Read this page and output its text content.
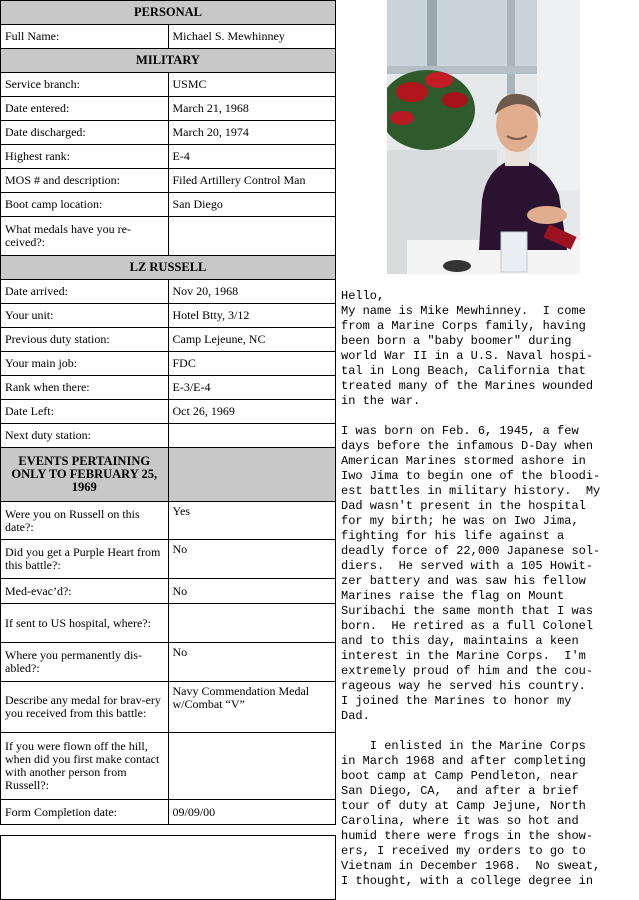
PERSONAL	
Full Name:	Michael S. Mewhinney
MILITARY	
Service branch:	USMC
Date entered:	March 21, 1968
Date discharged:	March 20, 1974
Highest rank:	E-4
MOS # and description:	Filed Artillery Control Man
Boot camp location:	San Diego
What medals have you re-ceived?:	
LZ RUSSELL	
Date arrived:	Nov 20, 1968
Your unit:	Hotel Btty, 3/12
Previous duty station:	Camp Lejeune, NC
Your main job:	FDC
Rank when there:	E-3/E-4
Date Left:	Oct 26, 1969
Next duty station:	
EVENTS PERTAINING ONLY TO FEBRUARY 25, 1969	
Were you on Russell on this date?:	Yes
Did you get a Purple Heart from this battle?:	No
Med-evac’d?:	No
If sent to US hospital, where?:	
Where you permanently dis-abled?:	No
Describe any medal for brav-ery you received from this battle:	Navy Commendation Medal w/Combat “V”
If you were flown off the hill, when did you first make contact with another person from Russell?:	
Form Completion date:	09/09/00
Hello,
My name is Mike Mewhinney.  I come
from a Marine Corps family, having
been born a "baby boomer" during
world War II in a U.S. Naval hospi-
tal in Long Beach, California that
treated many of the Marines wounded
in the war.

I was born on Feb. 6, 1945, a few
days before the infamous D-Day when
American Marines stormed ashore in
Iwo Jima to begin one of the bloodi-
est battles in military history.  My
Dad wasn't present in the hospital
for my birth; he was on Iwo Jima,
fighting for his life against a
deadly force of 22,000 Japanese sol-
diers.  He served with a 105 Howit-
zer battery and was saw his fellow
Marines raise the flag on Mount
Suribachi the same month that I was
born.  He retired as a full Colonel
and to this day, maintains a keen
interest in the Marine Corps.  I'm
extremely proud of him and the cou-
rageous way he served his country.
I joined the Marines to honor my
Dad.

I enlisted in the Marine Corps
in March 1968 and after completing
boot camp at Camp Pendleton, near
San Diego, CA,  and after a brief
tour of duty at Camp Jejune, North
Carolina, where it was so hot and
humid there were frogs in the show-
ers, I received my orders to go to
Vietnam in December 1968.  No sweat,
I thought, with a college degree in
